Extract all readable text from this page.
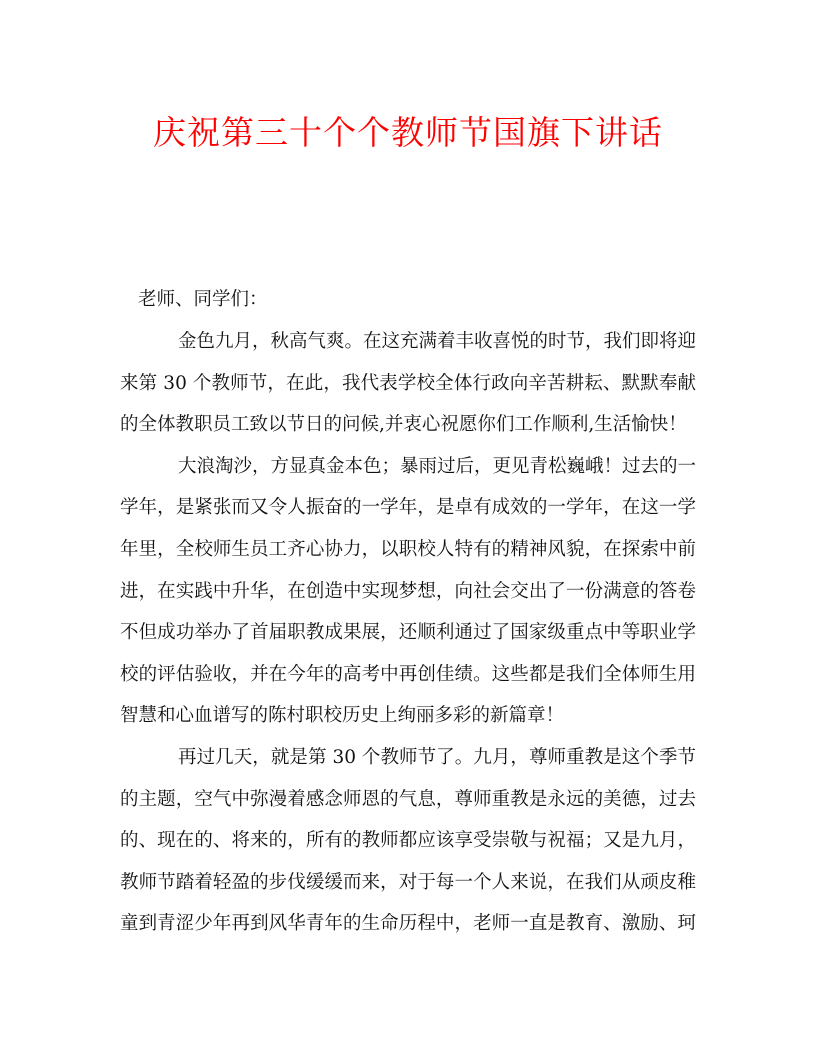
庆祝第三十个个教师节国旗下讲话
老师、同学们：
金色九月，秋高气爽。在这充满着丰收喜悦的时节，我们即将迎
来第 30 个教师节，在此，我代表学校全体行政向辛苦耕耘、默默奉献
的全体教职员工致以节日的问候,并衷心祝愿你们工作顺利,生活愉快！
大浪淘沙，方显真金本色；暴雨过后，更见青松巍峨！过去的一
学年，是紧张而又令人振奋的一学年，是卓有成效的一学年，在这一学
年里，全校师生员工齐心协力，以职校人特有的精神风貌，在探索中前
进，在实践中升华，在创造中实现梦想，向社会交出了一份满意的答卷
不但成功举办了首届职教成果展，还顺利通过了国家级重点中等职业学
校的评估验收，并在今年的高考中再创佳绩。这些都是我们全体师生用
智慧和心血谱写的陈村职校历史上绚丽多彩的新篇章！
再过几天，就是第 30 个教师节了。九月，尊师重教是这个季节
的主题，空气中弥漫着感念师恩的气息，尊师重教是永远的美德，过去
的、现在的、将来的，所有的教师都应该享受崇敬与祝福；又是九月，
教师节踏着轻盈的步伐缓缓而来，对于每一个人来说，在我们从顽皮稚
童到青涩少年再到风华青年的生命历程中，老师一直是教育、激励、珂
